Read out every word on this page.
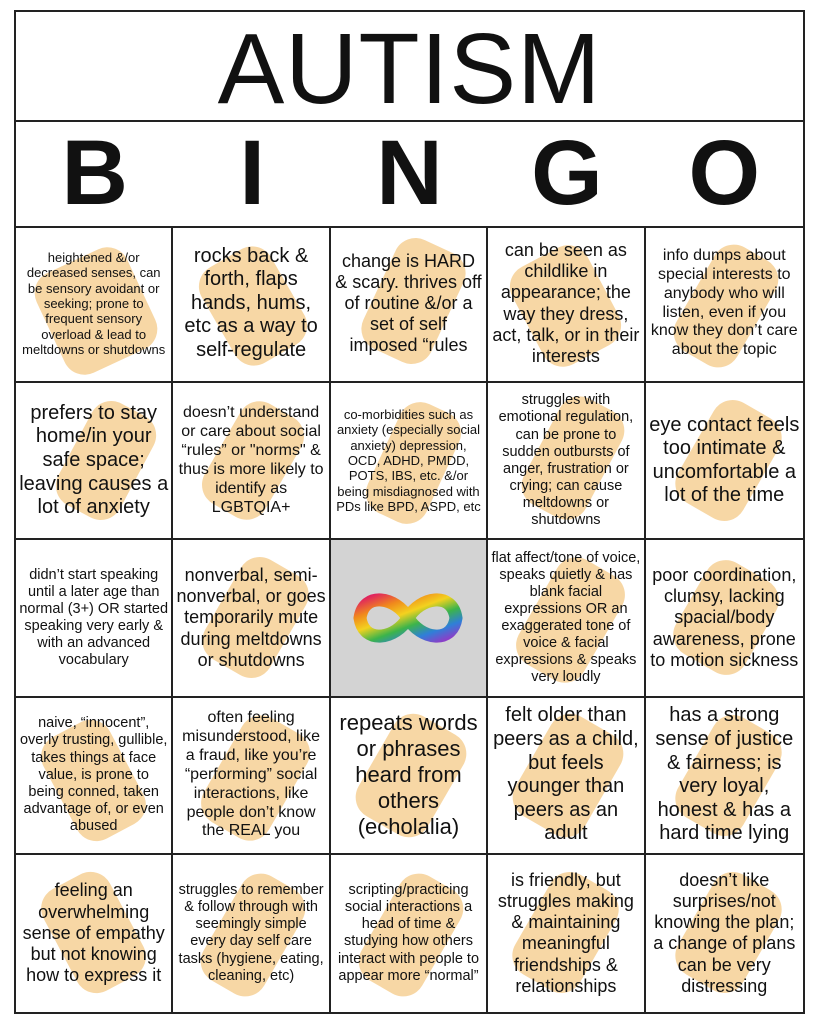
AUTISM
B	I	N G O
heightened &/or decreased senses, can be sensory avoidant or seeking; prone to frequent sensory overload & lead to meltdowns or shutdowns
rocks back & forth, flaps hands, hums, etc as a way to self-regulate
change is HARD & scary. thrives off of routine &/or a set of self imposed “rules
can be seen as childlike in appearance; the way they dress, act, talk, or in their interests
info dumps about special interests to anybody who will listen, even if you know they don’t care about the topic
prefers to stay home/in your safe space; leaving causes a lot of anxiety
doesn’t understand or care about social “rules” or "norms" & thus is more likely to identify as LGBTQIA+
co-morbidities such as anxiety (especially social anxiety) depression, OCD, ADHD, PMDD, POTS, IBS, etc. &/or being misdiagnosed with PDs like BPD, ASPD, etc
struggles with emotional regulation, can be prone to sudden outbursts of anger, frustration or crying; can cause meltdowns or shutdowns
eye contact feels too intimate & uncomfortable a lot of the time
didn’t start speaking until a later age than normal (3+) OR started speaking very early & with an advanced vocabulary
nonverbal, semi-nonverbal, or goes temporarily mute during meltdowns or shutdowns
flat affect/tone of voice, speaks quietly & has blank facial expressions OR an exaggerated tone of voice & facial expressions & speaks very loudly
poor coordination, clumsy, lacking spacial/body awareness, prone to motion sickness
naive, “innocent”, overly trusting, gullible, takes things at face value, is prone to being conned, taken advantage of, or even abused
often feeling misunderstood, like a fraud, like you’re “performing” social interactions, like people don’t know the REAL you
repeats words or phrases heard from others (echolalia)
felt older than peers as a child, but feels younger than peers as an adult
has a strong sense of justice & fairness; is very loyal, honest & has a hard time lying
feeling an overwhelming sense of empathy but not knowing how to express it
struggles to remember & follow through with seemingly simple every day self care tasks (hygiene, eating, cleaning, etc)
scripting/practicing social interactions a head of time & studying how others interact with people to appear more “normal”
is friendly, but struggles making & maintaining meaningful friendships & relationships
doesn’t like surprises/not knowing the plan; a change of plans can be very distressing
